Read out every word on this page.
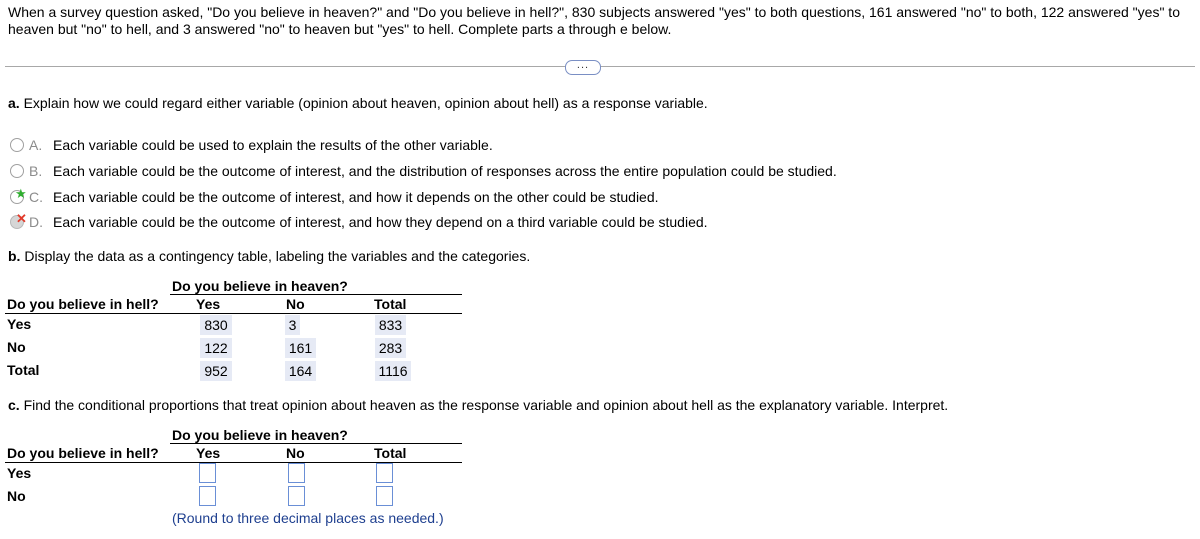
When a survey question asked, "Do you believe in heaven?" and "Do you believe in hell?", 830 subjects answered "yes" to both questions, 161 answered "no" to both, 122 answered "yes" to heaven but "no" to hell, and 3 answered "no" to heaven but "yes" to hell. Complete parts a through e below.
...
a. Explain how we could regard either variable (opinion about heaven, opinion about hell) as a response variable.
A. Each variable could be used to explain the results of the other variable.
B. Each variable could be the outcome of interest, and the distribution of responses across the entire population could be studied.
★ C. Each variable could be the outcome of interest, and how it depends on the other could be studied.
✕ D. Each variable could be the outcome of interest, and how they depend on a third variable could be studied.
b. Display the data as a contingency table, labeling the variables and the categories.
Do you believe in heaven?
Do you believe in hell?	Yes	No	Total
Yes	830	3	833
No	122	161	283
Total	952	164	1116
c. Find the conditional proportions that treat opinion about heaven as the response variable and opinion about hell as the explanatory variable. Interpret.
Do you believe in heaven?
Do you believe in hell?	Yes	No	Total
Yes
No
(Round to three decimal places as needed.)
